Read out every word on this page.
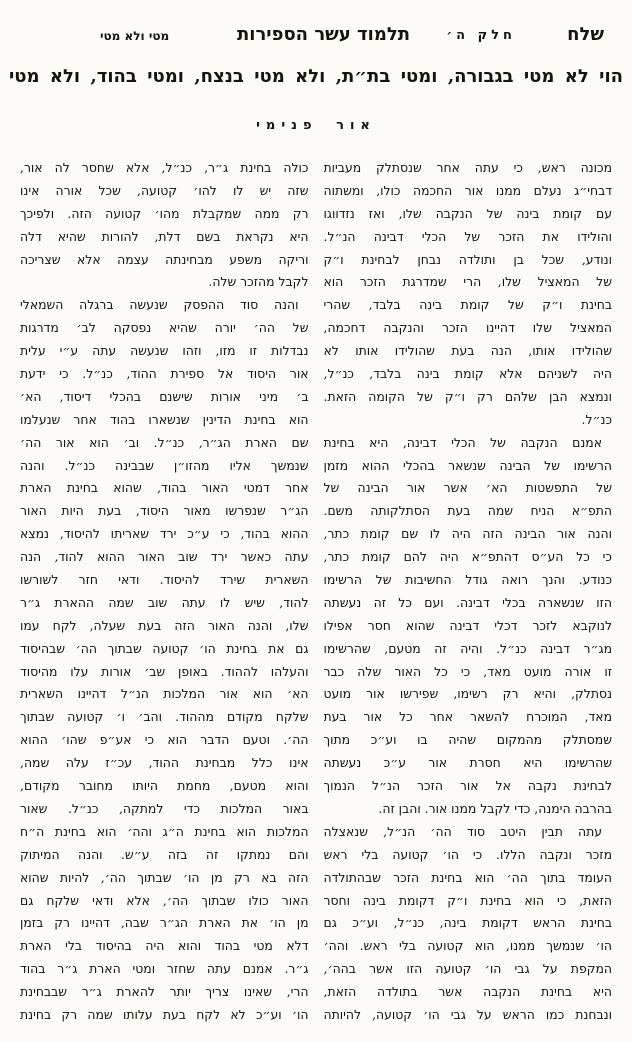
שלח
חלק ה׳
תלמוד עשר הספירות
מטי ולא מטי
הוי לא מטי בגבורה, ומטי בת״ת, ולא מטי בנצח, ומטי בהוד, ולא מטי
אור פנימי

מכונה ראש, כי עתה אחר שנסתלק מעביות
דבחי״ג נעלם ממנו אור החכמה כולו, ומשתוה
עם קומת בינה של הנקבה שלו, ואז נזדווגו
והולידו את הזכר של הכלי דבינה הנ״ל.
ונודע, שכל בן ותולדה נבחן לבחינת ו״ק
של המאציל שלו, הרי שמדרגת הזכר הוא
בחינת ו״ק של קומת בינה בלבד, שהרי
המאציל שלו דהיינו הזכר והנקבה דחכמה,
שהולידו אותו, הנה בעת שהולידו אותו לא
היה לשניהם אלא קומת בינה בלבד, כנ״ל,
ונמצא הבן שלהם רק ו״ק של הקומה הזאת.
כנ״ל.

אמנם הנקבה של הכלי דבינה, היא בחינת
הרשימו של הבינה שנשאר בהכלי ההוא מזמן
של התפשטות הא׳ אשר אור הבינה של
התפ״א הניח שמה בעת הסתלקותה משם.
והנה אור הבינה הזה היה לו שם קומת כתר,
כי כל הע״ס דהתפ״א היה להם קומת כתר,
כנודע. והנך רואה גודל החשיבות של הרשימו
הזו שנשארה בכלי דבינה. ועם כל זה נעשתה
לנוקבא לזכר דכלי דבינה שהוא חסר אפילו
מג״ר דבינה כנ״ל. והיה זה מטעם, שהרשימו
זו אורה מועט מאד, כי כל האור שלה כבר
נסתלק, והיא רק רשימו, שפירשו אור מועט
מאד, המוכרח להשאר אחר כל אור בעת
שמסתלק מהמקום שהיה בו וע״כ מתוך
שהרשימו היא חסרת אור ע״כ נעשתה
לבחינת נקבה אל אור הזכר הנ״ל הנמוך
בהרבה הימנה, כדי לקבל ממנו אור. והבן זה.

עתה תבין היטב סוד הה׳ הנ״ל, שנאצלה
מזכר ונקבה הללו. כי הו׳ קטועה בלי ראש
העומד בתוך הה׳ הוא בחינת הזכר שבהתולדה
הזאת, כי הוא בחינת ו״ק דקומת בינה וחסר
בחינת הראש דקומת בינה, כנ״ל, וע״כ גם
הו׳ שנמשך ממנו, הוא קטועה בלי ראש. והה׳
המקפת על גבי הו׳ קטועה הזו אשר בהה׳,
היא בחינת הנקבה אשר בתולדה הזאת,
ונבחנת כמו הראש על גבי הו׳ קטועה, להיותה

כולה בחינת ג״ר, כנ״ל, אלא שחסר לה אור,
שזה יש לו להו׳ קטועה, שכל אורה אינו
רק ממה שמקבלת מהו׳ קטועה הזה. ולפיכך
היא נקראת בשם דלת, להורות שהיא דלה
וריקה משפע מבחינתה עצמה אלא שצריכה
לקבל מהזכר שלה.

והנה סוד ההפסק שנעשה ברגלה השמאלי
של הה׳ יורה שהיא נפסקה לב׳ מדרגות
נבדלות זו מזו, וזהו שנעשה עתה ע״י עלית
אור היסוד אל ספירת ההוד, כנ״ל. כי ידעת
ב׳ מיני אורות שישנם בהכלי דיסוד, הא׳
הוא בחינת הדינין שנשארו בהוד אחר שנעלמו
שם הארת הג״ר, כנ״ל. וב׳ הוא אור הה׳
שנמשך אליו מהזו״ן שבבינה כנ״ל. והנה
אחר דמטי האור בהוד, שהוא בחינת הארת
הג״ר שנפרשו מאור היסוד, בעת היות האור
ההוא בהוד, כי ע״כ ירד שאריתו להיסוד, נמצא
עתה כאשר ירד שוב האור ההוא להוד, הנה
השארית שירד להיסוד. ודאי חזר לשורשו
להוד, שיש לו עתה שוב שמה ההארת ג״ר
שלו, והנה האור הזה בעת שעלה, לקח עמו
גם את בחינת הו׳ קטועה שבתוך הה׳ שבהיסוד
והעלהו לההוד. באופן שב׳ אורות עלו מהיסוד
הא׳ הוא אור המלכות הנ״ל דהיינו השארית
שלקח מקודם מההוד. והב׳ ו׳ קטועה שבתוך
הה׳. וטעם הדבר הוא כי אע״פ שהו׳ ההוא
אינו כלל מבחינת ההוד, עכ״ז עלה שמה,
והוא מטעם, מחמת היותו מחובר מקודם,
באור המלכות כדי למתקה, כנ״ל. שאור
המלכות הוא בחינת ה״ג והה׳ הוא בחינת ה״ח
והם נמתקו זה בזה ע״ש. והנה המיתוק
הזה בא רק מן הו׳ שבתוך הה׳, להיות שהוא
האור כולו שבתוך הה׳, אלא ודאי שלקח גם
מן הו׳ את הארת הג״ר שבה, דהיינו רק בזמן
דלא מטי בהוד והוא היה בהיסוד בלי הארת
ג״ר. אמנם עתה שחזר ומטי הארת ג״ר בהוד
הרי, שאינו צריך יותר להארת ג״ר שבבחינת
הו׳ וע״כ לא לקח בעת עלותו שמה רק בחינת
